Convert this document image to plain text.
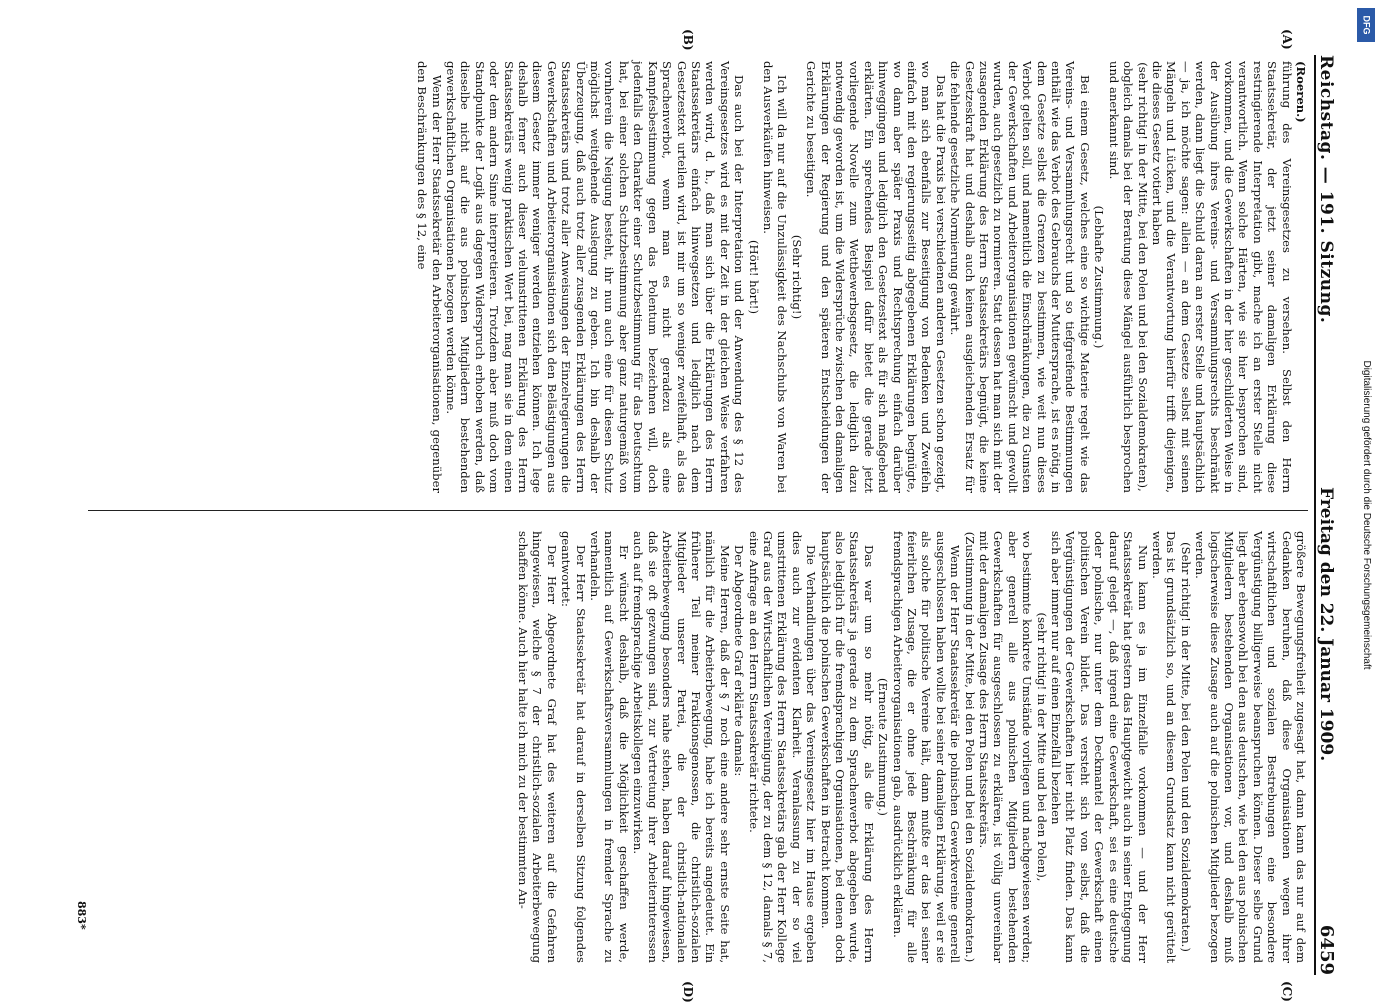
Reichstag. — 191. Sitzung.
Freitag den 22. Januar 1909.
6459

(Roeren.)

führung des Vereinsgesetzes zu versehen. Selbst den Herrn Staatssekretär, der jetzt seiner damaligen Erklärung diese restringierende Interpretation gibt, mache ich an erster Stelle nicht verantwortlich. Wenn solche Härten, wie sie hier besprochen sind, vorkommen, und die Gewerkschaften in der hier geschilderten Weise in der Ausübung ihres Vereins- und Versammlungsrechts beschränkt werden, dann liegt die Schuld daran an erster Stelle und hauptsächlich — ja, ich möchte sagen: allein — an dem Gesetze selbst mit seinen Mängeln und Lücken, und die Verantwortung hierfür trifft diejenigen, die dieses Gesetz votiert haben

(sehr richtig! in der Mitte, bei den Polen und bei den Sozialdemokraten),

obgleich damals bei der Beratung diese Mängel ausführlich besprochen und anerkannt sind.

(Lebhafte Zustimmung.)

Bei einem Gesetz, welches eine so wichtige Materie regelt wie das Vereins- und Versammlungsrecht und so tiefgreifende Bestimmungen enthält wie das Verbot des Gebrauchs der Muttersprache, ist es nötig, in dem Gesetze selbst die Grenzen zu bestimmen, wie weit nun dieses Verbot gelten soll, und namentlich die Einschränkungen, die zu Gunsten der Gewerkschaften und Arbeiterorganisationen gewünscht und gewollt wurden, auch gesetzlich zu normieren. Statt dessen hat man sich mit der zusagenden Erklärung des Herrn Staatssekretärs begnügt, die keine Gesetzeskraft hat und deshalb auch keinen ausgleichenden Ersatz für die fehlende gesetzliche Normierung gewährt.

Das hat die Praxis bei verschiedenen anderen Gesetzen schon gezeigt, wo man sich ebenfalls zur Beseitigung von Bedenken und Zweifeln einfach mit den regierungsseitig abgegebenen Erklärungen begnügte, wo dann aber später Praxis und Rechtsprechung einfach darüber hinweggingen und lediglich den Gesetzestext als für sich maßgebend erklärten. Ein sprechendes Beispiel dafür bietet die gerade jetzt vorliegende Novelle zum Wettbewerbsgesetz, die lediglich dazu notwendig geworden ist, um die Widersprüche zwischen den damaligen Erklärungen der Regierung und den späteren Entscheidungen der Gerichte zu beseitigen.

(Sehr richtig!)

Ich will da nur auf die Unzulässigkeit des Nachschubs von Waren bei den Ausverkäufen hinweisen.

(Hört! hört!)

Das auch bei der Interpretation und der Anwendung des § 12 des Vereinsgesetzes wird es mit der Zeit in der gleichen Weise verfahren werden wird, d. h., daß man sich über die Erklärungen des Herrn Staatssekretärs einfach hinwegsetzen und lediglich nach dem Gesetzestext urteilen wird, ist mir um so weniger zweifelhaft, als das Sprachenverbot, wenn man es nicht geradezu als eine Kampfesbestimmung gegen das Polentum bezeichnen will, doch jedenfalls den Charakter einer Schutzbestimmung für das Deutschtum hat, bei einer solchen Schutzbestimmung aber ganz naturgemäß von vornherein die Neigung besteht, ihr nun auch eine für diesen Schutz möglichst weitgehende Auslegung zu geben. Ich bin deshalb der Überzeugung, daß auch trotz aller zusagenden Erklärungen des Herrn Staatssekretärs und trotz aller Anweisungen der Einzelregierungen die Gewerkschaften und Arbeiterorganisationen sich den Belästigungen aus diesem Gesetz immer weniger werden entziehen können. Ich lege deshalb ferner auch dieser vielumstrittenen Erklärung des Herrn Staatssekretärs wenig praktischen Wert bei, mag man sie in dem einen oder dem andern Sinne interpretieren. Trotzdem aber muß doch vom Standpunkte der Logik aus dagegen Widerspruch erhoben werden, daß dieselbe nicht auf die aus polnischen Mitgliedern bestehenden gewerkschaftlichen Organisationen bezogen werden könne.

Wenn der Herr Staatssekretär den Arbeiterorganisationen, gegenüber den Beschränkungen des § 12, eine

größere Bewegungsfreiheit zugesagt hat, dann kann das nur auf dem Gedanken beruhen, daß diese Organisationen wegen ihrer wirtschaftlichen und sozialen Bestrebungen eine besondere Vergünstigung billigerweise beanspruchen können. Dieser selbe Grund liegt aber ebensowohl bei den aus deutschen, wie bei den aus polnischen Mitgliedern bestehenden Organisationen vor, und deshalb muß logischerweise diese Zusage auch auf die polnischen Mitglieder bezogen werden.

(Sehr richtig! in der Mitte, bei den Polen und den Sozialdemokraten.)

Das ist grundsätzlich so, und an diesem Grundsatz kann nicht gerüttelt werden.

Nun kann es ja im Einzelfalle vorkommen — und der Herr Staatssekretär hat gestern das Hauptgewicht auch in seiner Entgegnung darauf gelegt —, daß irgend eine Gewerkschaft, sei es eine deutsche oder polnische, nur unter dem Deckmantel der Gewerkschaft einen politischen Verein bildet. Das versteht sich von selbst, daß die Vergünstigungen der Gewerkschaften hier nicht Platz finden. Das kann sich aber immer nur auf einen Einzelfall beziehen

(sehr richtig! in der Mitte und bei den Polen),

wo bestimmte konkrete Umstände vorliegen und nachgewiesen werden; aber generell alle aus polnischen Mitgliedern bestehenden Gewerkschaften für ausgeschlossen zu erklären, ist völlig unvereinbar mit der damaligen Zusage des Herrn Staatssekretärs.

(Zustimmung in der Mitte, bei den Polen und bei den Sozialdemokraten.)

Wenn der Herr Staatssekretär die polnischen Gewerkvereine generell ausgeschlossen haben wollte bei seiner damaligen Erklärung, weil er sie als solche für politische Vereine hält, dann mußte er das bei seiner feierlichen Zusage, die er ohne jede Beschränkung für alle fremdsprachigen Arbeiterorganisationen gab, ausdrücklich erklären.

(Erneute Zustimmung.)

Das war um so mehr nötig, als die Erklärung des Herrn Staatssekretärs ja gerade zu dem Sprachenverbot abgegeben wurde, also lediglich für die fremdsprachigen Organisationen, bei denen doch hauptsächlich die polnischen Gewerkschaften in Betracht kommen.

Die Verhandlungen über das Vereinsgesetz hier im Hause ergeben dies auch zur evidenten Klarheit. Veranlassung zu der so viel umstrittenen Erklärung des Herrn Staatssekretärs gab der Herr Kollege Graf aus der Wirtschaftlichen Vereinigung, der zu dem § 12, damals § 7, eine Anfrage an den Herrn Staatssekretär richtete.

Der Abgeordnete Graf erklärte damals:

Meine Herren, daß der § 7 noch eine andere sehr ernste Seite hat, nämlich für die Arbeiterbewegung, habe ich bereits angedeutet. Ein früherer Teil meiner Fraktionsgenossen, die christlich-sozialen Mitglieder unserer Partei, die der christlich-nationalen Arbeiterbewegung besonders nahe stehen, haben darauf hingewiesen, daß sie oft gezwungen sind, zur Vertretung ihrer Arbeiterinteressen auch auf fremdsprachige Arbeitskollegen einzuwirken.

Er wünscht deshalb, daß die Möglichkeit geschaffen werde, namentlich auf Gewerkschaftsversammlungen in fremder Sprache zu verhandeln.

Der Herr Staatssekretär hat darauf in derselben Sitzung folgendes geantwortet:

Der Herr Abgeordnete Graf hat des weiteren auf die Gefahren hingewiesen, welche § 7 der christlich-sozialen Arbeiterbewegung schaffen könne. Auch hier halte ich mich zu der bestimmten An-

(A)
(B)
(C)
(D)
883*
DFG
Digitalisierung gefördert durch die Deutsche Forschungsgemeinschaft
